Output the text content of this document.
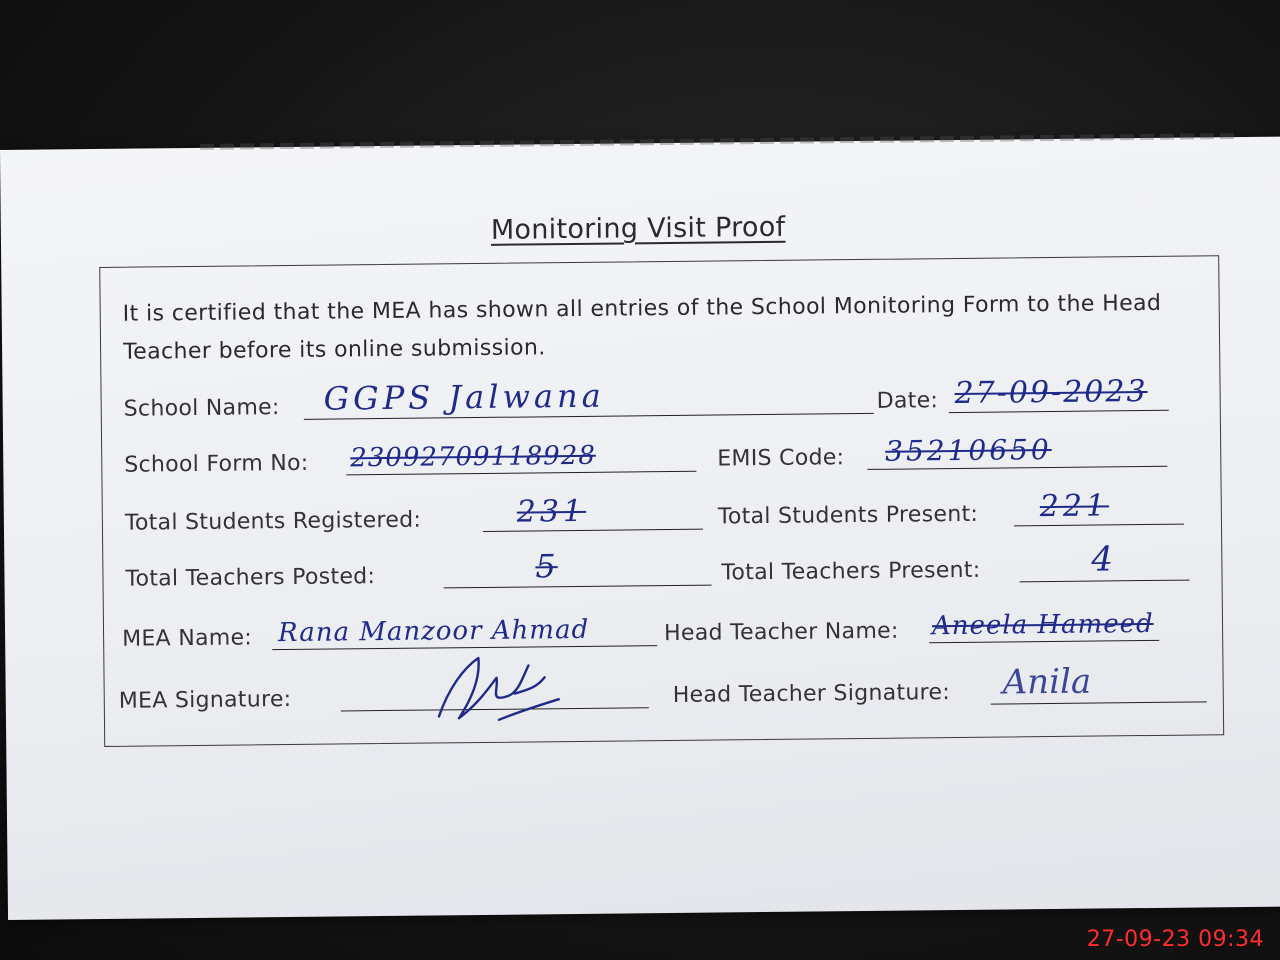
Monitoring Visit Proof
It is certified that the MEA has shown all entries of the School Monitoring Form to the Head Teacher before its online submission.
School Name: GGPS Jalwana	Date: 27-09-2023
School Form No: 23092709118928	EMIS Code: 35210650
Total Students Registered:	231	Total Students Present: 221
Total Teachers Posted:	5	Total Teachers Present:	4
MEA Name: Rana Manzoor Ahmad	Head Teacher Name: Aneela Hameed
MEA Signature:	Head Teacher Signature: Anila
27-09-23 09:34
